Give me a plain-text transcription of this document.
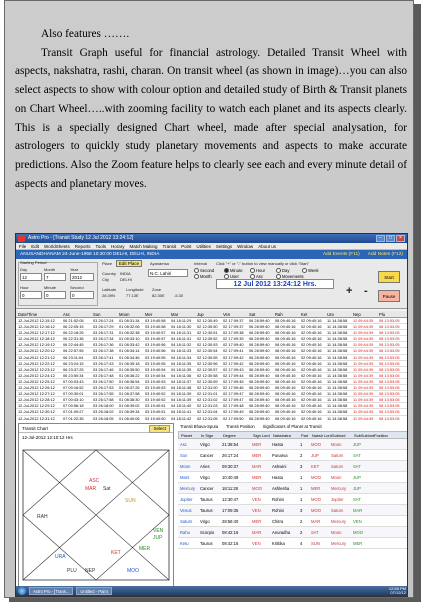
Also features …….

Transit Graph useful for financial astrology. Detailed Transit Wheel with aspects, nakshatra, rashi, charan. On transit wheel (as shown in image)…you can also select aspects to show with colour option and detailed study of Birth & Transit planets on Chart Wheel…..with zooming facility to watch each planet and its aspects clearly. This is a specially designed Chart wheel, made after special analysation, for astrologers to quickly study planetary movements and aspects to make accurate predictions. Also the Zoom feature helps to clearly see each and every minute detail of aspects and planetary moves.

Astro Pro - [Transit Study 12 Jul 2012 13:24:12]	–	□	×
File Edit WorldSheets Reports Tools Horary Match Making Transit Point Utilities Settings Window About us
ANUSANDHANAM 24-June-1958 10:30:00 DELHI, DELHI, INDIA	Add Events (F11) Add Notes (F12)
Starting Period
Day	Month	Year
12	7	2012
Hour	Minute	Second
0	0	0
Place	Edit Place
Country INDIA
City	DELHI
Latitude
28.39N
Longitude
77.13E
Ayanamsa
N.C. Lahiri
Zone
82.30E -5.30
Interval Click "+" or "-" button to view manually or click 'Start'
Second
Month
Minute
User
Hour
Asc
Day
Movements
Week
12 Jul 2012 13:24:12 Hrs.
+ -
Start
Pause
Date/Time	Asc	Sun	Moon	Mer	Mar	Jup	Ven	Sat	Rah	Ket	Ura	Nep	Plu
12-Jul-2012 12:15:12	06 21:52:05	03 26:17:24	01 08:31:34	03 19:40:58	04 18:11:29	02 12:30:49	02 17:09:37	06 28:59:40	08 09:40:16	02 09:40:16	11 14:38:58	11 09:44:39	08 13:53:05
12-Jul-2012 12:16:12	06 22:05:15	03 26:17:29	01 08:32:06	03 19:40:58	04 18:11:30	02 12:30:50	02 17:09:37	06 28:59:40	08 09:40:16	02 09:40:16	11 14:38:58	11 09:44:39	08 13:53:05
12-Jul-2012 12:17:12	06 22:18:26	03 26:17:31	01 08:32:38	03 19:40:57	04 18:11:31	02 12:30:51	02 17:09:38	06 28:59:40	08 09:40:16	02 09:40:16	11 14:38:58	11 09:44:39	08 13:53:05
12-Jul-2012 12:18:12	06 22:31:36	03 26:17:34	01 08:33:10	03 19:40:57	04 18:11:31	02 12:30:52	02 17:09:39	06 28:59:40	08 09:40:16	02 09:40:16	11 14:38:58	11 09:44:39	08 13:53:05
12-Jul-2012 12:19:12	06 22:44:45	03 26:17:36	01 08:33:42	03 19:40:56	04 18:11:32	02 12:30:53	02 17:09:40	06 28:59:40	08 09:40:16	02 09:40:16	11 14:38:58	11 09:44:39	08 13:53:05
12-Jul-2012 12:20:12	06 22:57:55	03 26:17:38	01 08:34:14	03 19:40:56	04 18:11:33	02 12:30:54	02 17:09:41	06 28:59:40	08 09:40:16	02 09:40:16	11 14:38:58	11 09:44:39	08 13:53:05
12-Jul-2012 12:21:12	06 23:11:04	03 26:17:41	01 08:34:46	03 19:40:55	04 18:11:34	02 12:30:55	02 17:09:42	06 28:59:40	08 09:40:16	02 09:40:16	11 14:38:58	11 09:44:39	08 13:53:05
12-Jul-2012 12:22:12	06 23:24:15	03 26:17:43	01 08:35:18	03 19:40:55	04 18:11:35	02 12:30:56	02 17:09:42	06 28:59:40	08 09:40:16	02 09:40:16	11 14:38:58	11 09:44:39	08 13:53:05
12-Jul-2012 12:23:12	06 23:37:25	03 26:17:46	01 08:35:50	03 19:40:54	04 18:11:35	02 12:30:57	02 17:09:43	06 28:59:40	08 09:40:16	02 09:40:16	11 14:38:58	11 09:44:39	08 13:53:05
12-Jul-2012 12:24:12	06 23:50:34	03 26:17:48	01 08:36:22	03 19:40:54	04 18:11:36	02 12:30:58	02 17:09:44	06 28:59:40	08 09:40:16	02 09:40:16	11 14:38:58	11 09:44:39	08 13:53:05
12-Jul-2012 12:25:12	07 00:03:43	03 26:17:50	01 08:36:54	03 19:40:53	04 18:11:37	02 12:30:59	02 17:09:45	06 28:59:40	08 09:40:16	02 09:40:16	11 14:38:58	11 09:44:39	08 13:53:05
12-Jul-2012 12:26:12	07 00:16:52	03 26:17:53	01 08:37:26	03 19:40:53	04 18:11:38	02 12:31:00	02 17:09:46	06 28:59:40	08 09:40:16	02 09:40:16	11 14:38:58	11 09:44:39	08 13:53:05
12-Jul-2012 12:27:12	07 00:30:01	03 26:17:55	01 08:37:58	03 19:40:52	04 18:11:39	02 12:31:01	02 17:09:47	06 28:59:40	08 09:40:16	02 09:40:16	11 14:38:58	11 09:44:39	08 13:53:05
12-Jul-2012 12:28:12	07 00:43:10	03 26:17:58	01 08:38:30	03 19:40:52	04 18:11:39	02 12:31:02	02 17:09:47	06 28:59:40	08 09:40:16	02 09:40:16	11 14:38:58	11 09:44:39	08 13:53:05
12-Jul-2012 12:29:12	07 00:56:18	03 26:18:00	01 08:39:02	03 19:40:51	04 18:11:40	02 12:31:03	02 17:09:48	06 28:59:40	08 09:40:16	02 09:40:16	11 14:38:58	11 09:44:39	08 13:53:05
12-Jul-2012 12:30:12	07 01:09:27	03 26:18:02	01 08:39:34	03 19:40:51	04 18:11:41	02 12:31:04	02 17:09:49	06 28:59:40	08 09:40:16	02 09:40:16	11 14:38:58	11 09:44:39	08 13:53:05
12-Jul-2012 12:31:12	07 01:22:35	03 26:18:05	01 08:40:06	03 19:40:50	04 18:11:42	02 12:31:05	02 17:09:50	06 28:59:40	08 09:40:16	02 09:40:16	11 14:38:58	11 09:44:39	08 13:53:05
Transit Chart	Select
12-Jul-2012 12:10:12 Hrs
RAH
ASC
MAR Sat
SUN
VEN
JUP
MER
MOO
URA
PLU NEP
KET
Transit Bhava-Sputa Transit Position Significators of Planet at Transit
Planet	In Sign	Degree	Sign Lord Nakshatra	Pad	Naksh Lord Sublord	SubSublord Position
Asc	Virgo	21:38:54	MER	Hasta	1	MOO	Moon	JUP
Sun	Cancer	26:17:24	MER	Punarva	2	JUP	Saturn	SAT
Moon	Aries	09:30:37	MAR	Ashwini	3	KET	Saturn	SAT
Mars	Virgo	10:40:49	MER	Hasta	1	MOO	Moon	JUP
Mercury	Cancer	18:11:28	MOO	Ashlesha	1	MER	Mercury	JUP
Jupiter	Taurus	12:30:47	VEN	Rohini	1	MOO	Jupiter	SAT
Venus	Taurus	17:09:35	VEN	Rohini	3	MOO	Saturn	MAR
Saturn	Virgo	28:56:40	MER	Chitra	2	MAR	Mercury	VEN
Rahu	Scorpio	08:42:16	MAR	Anuradha	2	SAT	Moon	MOO
Ketu	Taurus	08:42:16	VEN	Krittika	4	SUN	Mercury	MER
Astro Pro - [Trans...	Untitled - Paint
12:58 PM
07/12/12
